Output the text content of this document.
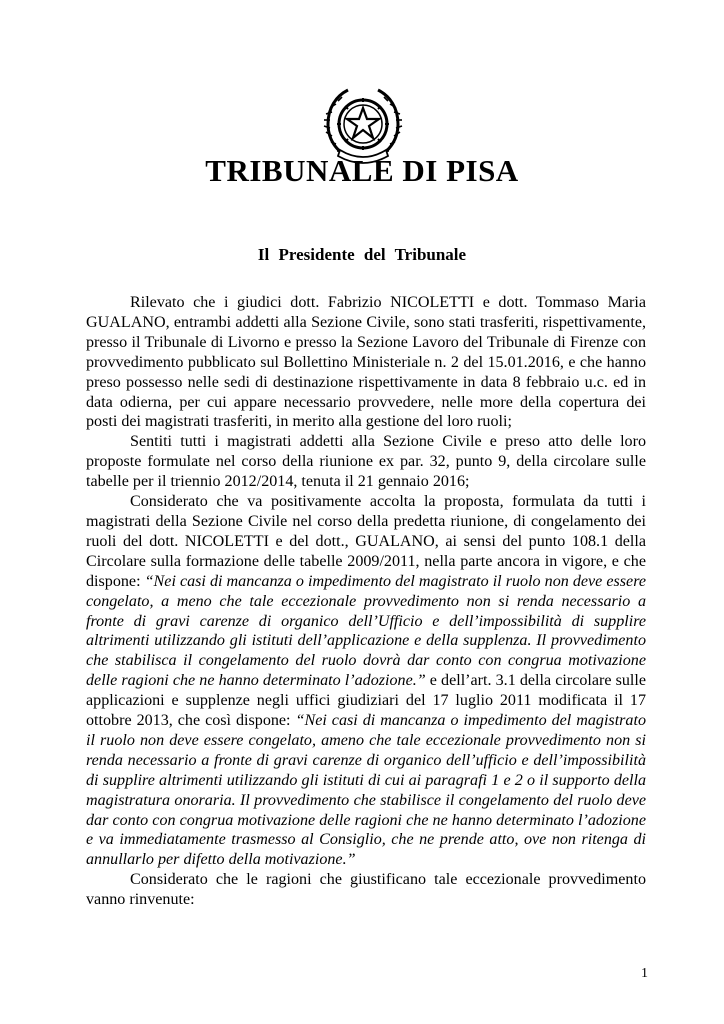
TRIBUNALE DI PISA
Il Presidente del Tribunale

Rilevato che i giudici dott. Fabrizio NICOLETTI e dott. Tommaso Maria GUALANO, entrambi addetti alla Sezione Civile, sono stati trasferiti, rispettivamente, presso il Tribunale di Livorno e presso la Sezione Lavoro del Tribunale di Firenze con provvedimento pubblicato sul Bollettino Ministeriale n. 2 del 15.01.2016, e che hanno preso possesso nelle sedi di destinazione rispettivamente in data 8 febbraio u.c. ed in data odierna, per cui appare necessario provvedere, nelle more della copertura dei posti dei magistrati trasferiti, in merito alla gestione del loro ruoli;

Sentiti tutti i magistrati addetti alla Sezione Civile e preso atto delle loro proposte formulate nel corso della riunione ex par. 32, punto 9, della circolare sulle tabelle per il triennio 2012/2014, tenuta il 21 gennaio 2016;

Considerato che va positivamente accolta la proposta, formulata da tutti i magistrati della Sezione Civile nel corso della predetta riunione, di congelamento dei ruoli del dott. NICOLETTI e del dott., GUALANO, ai sensi del punto 108.1 della Circolare sulla formazione delle tabelle 2009/2011, nella parte ancora in vigore, e che dispone: “Nei casi di mancanza o impedimento del magistrato il ruolo non deve essere congelato, a meno che tale eccezionale provvedimento non si renda necessario a fronte di gravi carenze di organico dell’Ufficio e dell’impossibilità di supplire altrimenti utilizzando gli istituti dell’applicazione e della supplenza. Il provvedimento che stabilisca il congelamento del ruolo dovrà dar conto con congrua motivazione delle ragioni che ne hanno determinato l’adozione.” e dell’art. 3.1 della circolare sulle applicazioni e supplenze negli uffici giudiziari del 17 luglio 2011 modificata il 17 ottobre 2013, che così dispone: “Nei casi di mancanza o impedimento del magistrato il ruolo non deve essere congelato, ameno che tale eccezionale provvedimento non si renda necessario a fronte di gravi carenze di organico dell’ufficio e dell’impossibilità di supplire altrimenti utilizzando gli istituti di cui ai paragrafi 1 e 2 o il supporto della magistratura onoraria. Il provvedimento che stabilisce il congelamento del ruolo deve dar conto con congrua motivazione delle ragioni che ne hanno determinato l’adozione e va immediatamente trasmesso al Consiglio, che ne prende atto, ove non ritenga di annullarlo per difetto della motivazione.”

Considerato che le ragioni che giustificano tale eccezionale provvedimento vanno rinvenute:

1
